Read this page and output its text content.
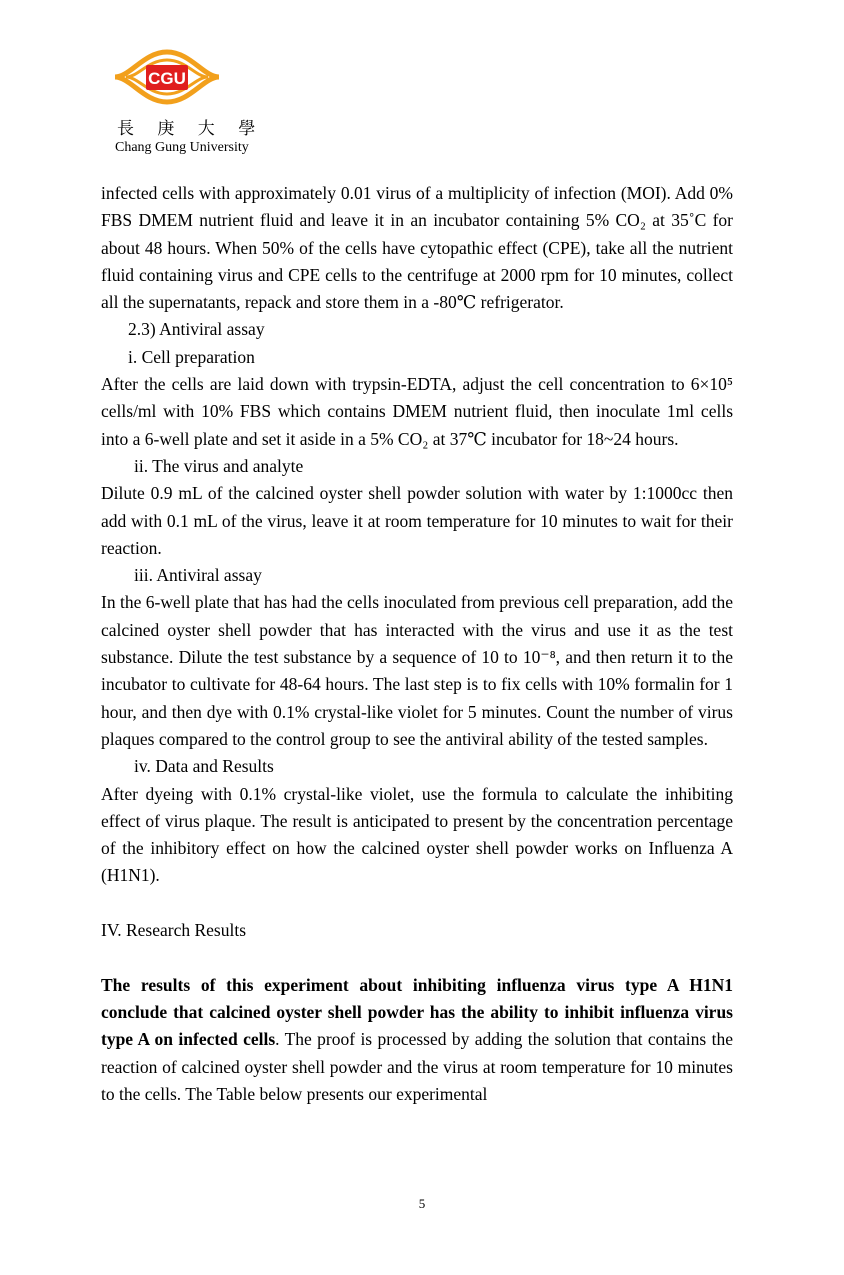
CGU
長 庚 大 學
Chang Gung University

infected cells with approximately 0.01 virus of a multiplicity of infection (MOI). Add 0% FBS DMEM nutrient fluid and leave it in an incubator containing 5% CO₂ at 35˚C for about 48 hours. When 50% of the cells have cytopathic effect (CPE), take all the nutrient fluid containing virus and CPE cells to the centrifuge at 2000 rpm for 10 minutes, collect all the supernatants, repack and store them in a -80℃ refrigerator.

2.3) Antiviral assay

i. Cell preparation

After the cells are laid down with trypsin-EDTA, adjust the cell concentration to 6×10⁵ cells/ml with 10% FBS which contains DMEM nutrient fluid, then inoculate 1ml cells into a 6-well plate and set it aside in a 5% CO₂ at 37℃ incubator for 18~24 hours.

ii. The virus and analyte

Dilute 0.9 mL of the calcined oyster shell powder solution with water by 1:1000cc then add with 0.1 mL of the virus, leave it at room temperature for 10 minutes to wait for their reaction.

iii. Antiviral assay

In the 6-well plate that has had the cells inoculated from previous cell preparation, add the calcined oyster shell powder that has interacted with the virus and use it as the test substance. Dilute the test substance by a sequence of 10 to 10⁻⁸, and then return it to the incubator to cultivate for 48-64 hours. The last step is to fix cells with 10% formalin for 1 hour, and then dye with 0.1% crystal-like violet for 5 minutes. Count the number of virus plaques compared to the control group to see the antiviral ability of the tested samples.

iv. Data and Results

After dyeing with 0.1% crystal-like violet, use the formula to calculate the inhibiting effect of virus plaque. The result is anticipated to present by the concentration percentage of the inhibitory effect on how the calcined oyster shell powder works on Influenza A (H1N1).

IV. Research Results

The results of this experiment about inhibiting influenza virus type A H1N1 conclude that calcined oyster shell powder has the ability to inhibit influenza virus type A on infected cells. The proof is processed by adding the solution that contains the reaction of calcined oyster shell powder and the virus at room temperature for 10 minutes to the cells. The Table below presents our experimental

5
